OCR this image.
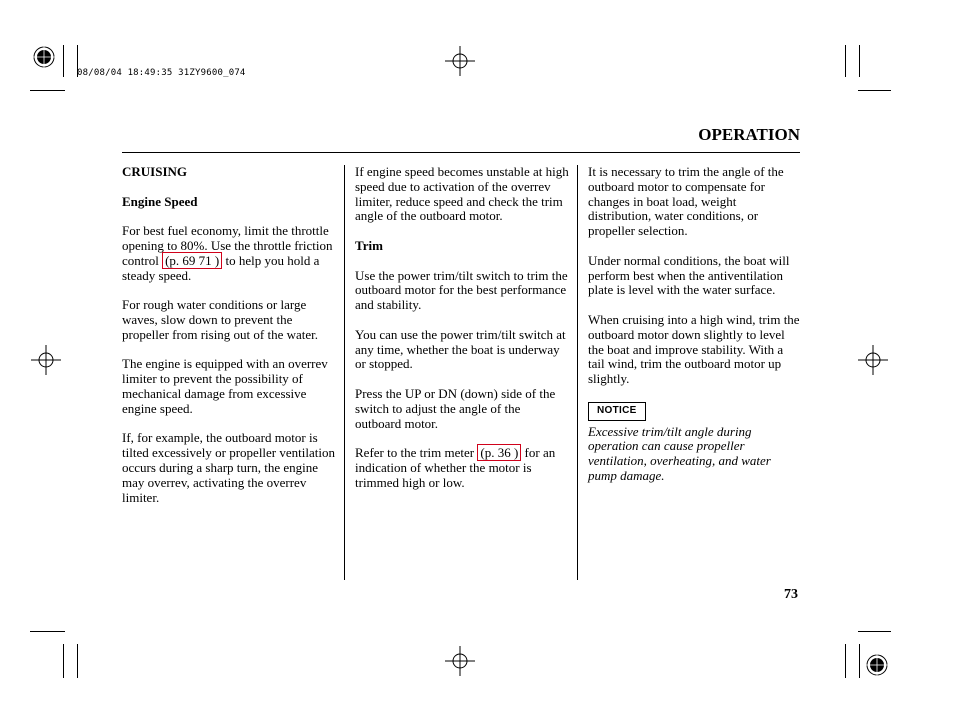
08/08/04 18:49:35 31ZY9600_074
OPERATION
CRUISING
Engine Speed

For best fuel economy, limit the throttle opening to 80%. Use the throttle friction control (p. 69 71 ) to help you hold a steady speed.

For rough water conditions or large waves, slow down to prevent the propeller from rising out of the water.

The engine is equipped with an overrev limiter to prevent the possibility of mechanical damage from excessive engine speed.

If, for example, the outboard motor is tilted excessively or propeller ventilation occurs during a sharp turn, the engine may overrev, activating the overrev limiter.

If engine speed becomes unstable at high speed due to activation of the overrev limiter, reduce speed and check the trim angle of the outboard motor.

Trim

Use the power trim/tilt switch to trim the outboard motor for the best performance and stability.

You can use the power trim/tilt switch at any time, whether the boat is underway or stopped.

Press the UP or DN (down) side of the switch to adjust the angle of the outboard motor.

Refer to the trim meter (p. 36 ) for an indication of whether the motor is trimmed high or low.

It is necessary to trim the angle of the outboard motor to compensate for changes in boat load, weight distribution, water conditions, or propeller selection.

Under normal conditions, the boat will perform best when the antiventilation plate is level with the water surface.

When cruising into a high wind, trim the outboard motor down slightly to level the boat and improve stability. With a tail wind, trim the outboard motor up slightly.

NOTICE

Excessive trim/tilt angle during operation can cause propeller ventilation, overheating, and water pump damage.

73
